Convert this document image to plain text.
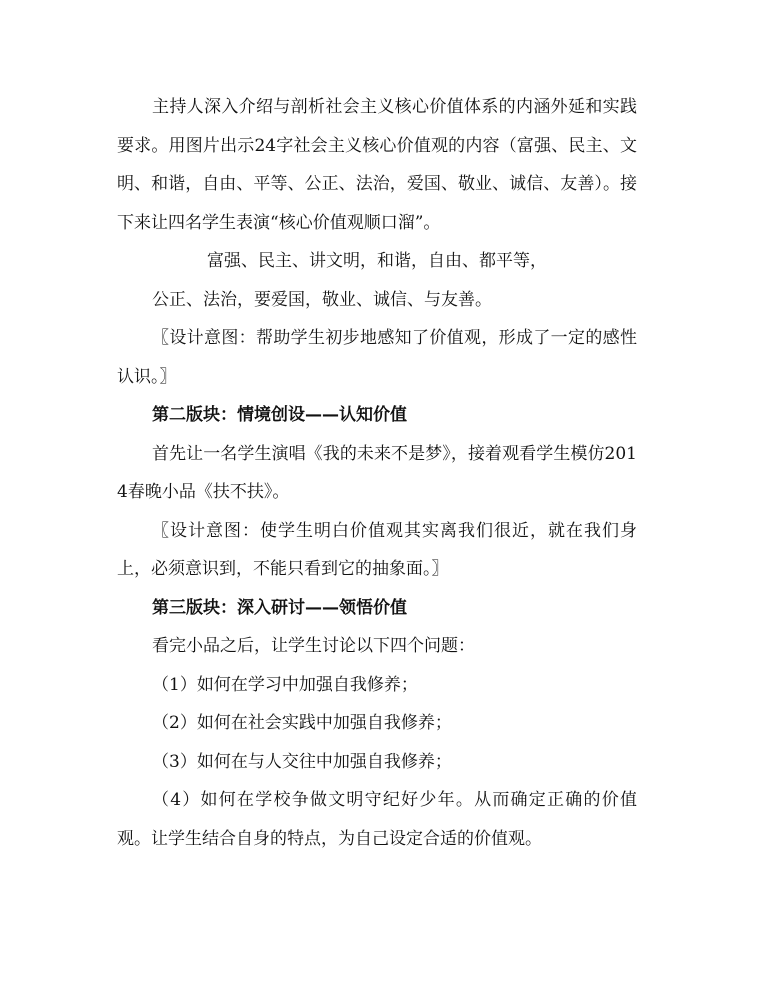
主持人深入介绍与剖析社会主义核心价值体系的内涵外延和实践要求。用图片出示24字社会主义核心价值观的内容（富强、民主、文明、和谐，自由、平等、公正、法治，爱国、敬业、诚信、友善）。接下来让四名学生表演“核心价值观顺口溜”。

富强、民主、讲文明，和谐，自由、都平等，

公正、法治，要爱国，敬业、诚信、与友善。

〖设计意图：帮助学生初步地感知了价值观，形成了一定的感性认识。〗

第二版块：情境创设——认知价值

首先让一名学生演唱《我的未来不是梦》，接着观看学生模仿2014春晚小品《扶不扶》。

〖设计意图：使学生明白价值观其实离我们很近，就在我们身上，必须意识到，不能只看到它的抽象面。〗

第三版块：深入研讨——领悟价值

看完小品之后，让学生讨论以下四个问题：

（1）如何在学习中加强自我修养；

（2）如何在社会实践中加强自我修养；

（3）如何在与人交往中加强自我修养；

（4）如何在学校争做文明守纪好少年。从而确定正确的价值观。让学生结合自身的特点，为自己设定合适的价值观。
